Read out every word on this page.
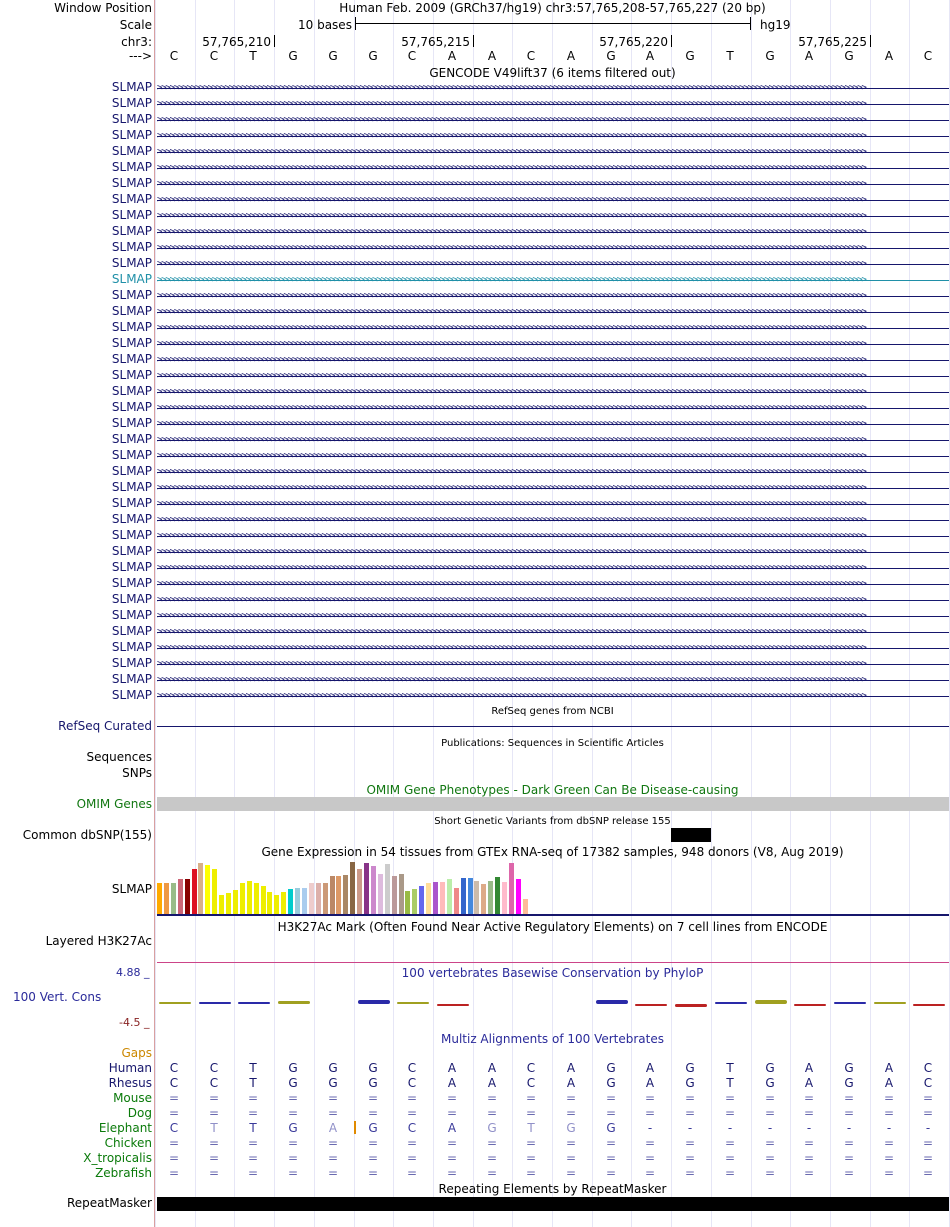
Window Position
Scale
chr3:
--->
Human Feb. 2009 (GRCh37/hg19) chr3:57,765,208-57,765,227 (20 bp)
10 bases	hg19
57,765,210	57,765,215	57,765,220	57,765,225
C	C	T	G	G	G	C	A	A	C	A	G	A	G	T	G	A	G	A	C
GENCODE V49lift37 (6 items filtered out)
SLMAP >>>>>>>>>>>>>>>>>>>>>>>>>>>>>>>>>>>>>>>>>>>>>>>>>>>>>>>>>>>>>>>>>>>>>>>>>>>>>>>>>>>>>>>>>>>>>>>>>>>>>>>>>>>>>>>>>>>>>>>>>>>>>>>>>>>>>>>>>>>>>>>>>>>>>>>>>>>>>>>>>>>>>>>>
SLMAP >>>>>>>>>>>>>>>>>>>>>>>>>>>>>>>>>>>>>>>>>>>>>>>>>>>>>>>>>>>>>>>>>>>>>>>>>>>>>>>>>>>>>>>>>>>>>>>>>>>>>>>>>>>>>>>>>>>>>>>>>>>>>>>>>>>>>>>>>>>>>>>>>>>>>>>>>>>>>>>>>>>>>>>>
SLMAP >>>>>>>>>>>>>>>>>>>>>>>>>>>>>>>>>>>>>>>>>>>>>>>>>>>>>>>>>>>>>>>>>>>>>>>>>>>>>>>>>>>>>>>>>>>>>>>>>>>>>>>>>>>>>>>>>>>>>>>>>>>>>>>>>>>>>>>>>>>>>>>>>>>>>>>>>>>>>>>>>>>>>>>>
SLMAP >>>>>>>>>>>>>>>>>>>>>>>>>>>>>>>>>>>>>>>>>>>>>>>>>>>>>>>>>>>>>>>>>>>>>>>>>>>>>>>>>>>>>>>>>>>>>>>>>>>>>>>>>>>>>>>>>>>>>>>>>>>>>>>>>>>>>>>>>>>>>>>>>>>>>>>>>>>>>>>>>>>>>>>>
SLMAP >>>>>>>>>>>>>>>>>>>>>>>>>>>>>>>>>>>>>>>>>>>>>>>>>>>>>>>>>>>>>>>>>>>>>>>>>>>>>>>>>>>>>>>>>>>>>>>>>>>>>>>>>>>>>>>>>>>>>>>>>>>>>>>>>>>>>>>>>>>>>>>>>>>>>>>>>>>>>>>>>>>>>>>>
SLMAP >>>>>>>>>>>>>>>>>>>>>>>>>>>>>>>>>>>>>>>>>>>>>>>>>>>>>>>>>>>>>>>>>>>>>>>>>>>>>>>>>>>>>>>>>>>>>>>>>>>>>>>>>>>>>>>>>>>>>>>>>>>>>>>>>>>>>>>>>>>>>>>>>>>>>>>>>>>>>>>>>>>>>>>>
SLMAP >>>>>>>>>>>>>>>>>>>>>>>>>>>>>>>>>>>>>>>>>>>>>>>>>>>>>>>>>>>>>>>>>>>>>>>>>>>>>>>>>>>>>>>>>>>>>>>>>>>>>>>>>>>>>>>>>>>>>>>>>>>>>>>>>>>>>>>>>>>>>>>>>>>>>>>>>>>>>>>>>>>>>>>>
SLMAP >>>>>>>>>>>>>>>>>>>>>>>>>>>>>>>>>>>>>>>>>>>>>>>>>>>>>>>>>>>>>>>>>>>>>>>>>>>>>>>>>>>>>>>>>>>>>>>>>>>>>>>>>>>>>>>>>>>>>>>>>>>>>>>>>>>>>>>>>>>>>>>>>>>>>>>>>>>>>>>>>>>>>>>>
SLMAP >>>>>>>>>>>>>>>>>>>>>>>>>>>>>>>>>>>>>>>>>>>>>>>>>>>>>>>>>>>>>>>>>>>>>>>>>>>>>>>>>>>>>>>>>>>>>>>>>>>>>>>>>>>>>>>>>>>>>>>>>>>>>>>>>>>>>>>>>>>>>>>>>>>>>>>>>>>>>>>>>>>>>>>>
SLMAP >>>>>>>>>>>>>>>>>>>>>>>>>>>>>>>>>>>>>>>>>>>>>>>>>>>>>>>>>>>>>>>>>>>>>>>>>>>>>>>>>>>>>>>>>>>>>>>>>>>>>>>>>>>>>>>>>>>>>>>>>>>>>>>>>>>>>>>>>>>>>>>>>>>>>>>>>>>>>>>>>>>>>>>>
SLMAP >>>>>>>>>>>>>>>>>>>>>>>>>>>>>>>>>>>>>>>>>>>>>>>>>>>>>>>>>>>>>>>>>>>>>>>>>>>>>>>>>>>>>>>>>>>>>>>>>>>>>>>>>>>>>>>>>>>>>>>>>>>>>>>>>>>>>>>>>>>>>>>>>>>>>>>>>>>>>>>>>>>>>>>>
SLMAP >>>>>>>>>>>>>>>>>>>>>>>>>>>>>>>>>>>>>>>>>>>>>>>>>>>>>>>>>>>>>>>>>>>>>>>>>>>>>>>>>>>>>>>>>>>>>>>>>>>>>>>>>>>>>>>>>>>>>>>>>>>>>>>>>>>>>>>>>>>>>>>>>>>>>>>>>>>>>>>>>>>>>>>>
SLMAP >>>>>>>>>>>>>>>>>>>>>>>>>>>>>>>>>>>>>>>>>>>>>>>>>>>>>>>>>>>>>>>>>>>>>>>>>>>>>>>>>>>>>>>>>>>>>>>>>>>>>>>>>>>>>>>>>>>>>>>>>>>>>>>>>>>>>>>>>>>>>>>>>>>>>>>>>>>>>>>>>>>>>>>>
SLMAP >>>>>>>>>>>>>>>>>>>>>>>>>>>>>>>>>>>>>>>>>>>>>>>>>>>>>>>>>>>>>>>>>>>>>>>>>>>>>>>>>>>>>>>>>>>>>>>>>>>>>>>>>>>>>>>>>>>>>>>>>>>>>>>>>>>>>>>>>>>>>>>>>>>>>>>>>>>>>>>>>>>>>>>>
SLMAP >>>>>>>>>>>>>>>>>>>>>>>>>>>>>>>>>>>>>>>>>>>>>>>>>>>>>>>>>>>>>>>>>>>>>>>>>>>>>>>>>>>>>>>>>>>>>>>>>>>>>>>>>>>>>>>>>>>>>>>>>>>>>>>>>>>>>>>>>>>>>>>>>>>>>>>>>>>>>>>>>>>>>>>>
SLMAP >>>>>>>>>>>>>>>>>>>>>>>>>>>>>>>>>>>>>>>>>>>>>>>>>>>>>>>>>>>>>>>>>>>>>>>>>>>>>>>>>>>>>>>>>>>>>>>>>>>>>>>>>>>>>>>>>>>>>>>>>>>>>>>>>>>>>>>>>>>>>>>>>>>>>>>>>>>>>>>>>>>>>>>>
SLMAP >>>>>>>>>>>>>>>>>>>>>>>>>>>>>>>>>>>>>>>>>>>>>>>>>>>>>>>>>>>>>>>>>>>>>>>>>>>>>>>>>>>>>>>>>>>>>>>>>>>>>>>>>>>>>>>>>>>>>>>>>>>>>>>>>>>>>>>>>>>>>>>>>>>>>>>>>>>>>>>>>>>>>>>>
SLMAP >>>>>>>>>>>>>>>>>>>>>>>>>>>>>>>>>>>>>>>>>>>>>>>>>>>>>>>>>>>>>>>>>>>>>>>>>>>>>>>>>>>>>>>>>>>>>>>>>>>>>>>>>>>>>>>>>>>>>>>>>>>>>>>>>>>>>>>>>>>>>>>>>>>>>>>>>>>>>>>>>>>>>>>>
SLMAP >>>>>>>>>>>>>>>>>>>>>>>>>>>>>>>>>>>>>>>>>>>>>>>>>>>>>>>>>>>>>>>>>>>>>>>>>>>>>>>>>>>>>>>>>>>>>>>>>>>>>>>>>>>>>>>>>>>>>>>>>>>>>>>>>>>>>>>>>>>>>>>>>>>>>>>>>>>>>>>>>>>>>>>>
SLMAP >>>>>>>>>>>>>>>>>>>>>>>>>>>>>>>>>>>>>>>>>>>>>>>>>>>>>>>>>>>>>>>>>>>>>>>>>>>>>>>>>>>>>>>>>>>>>>>>>>>>>>>>>>>>>>>>>>>>>>>>>>>>>>>>>>>>>>>>>>>>>>>>>>>>>>>>>>>>>>>>>>>>>>>>
SLMAP >>>>>>>>>>>>>>>>>>>>>>>>>>>>>>>>>>>>>>>>>>>>>>>>>>>>>>>>>>>>>>>>>>>>>>>>>>>>>>>>>>>>>>>>>>>>>>>>>>>>>>>>>>>>>>>>>>>>>>>>>>>>>>>>>>>>>>>>>>>>>>>>>>>>>>>>>>>>>>>>>>>>>>>>
SLMAP >>>>>>>>>>>>>>>>>>>>>>>>>>>>>>>>>>>>>>>>>>>>>>>>>>>>>>>>>>>>>>>>>>>>>>>>>>>>>>>>>>>>>>>>>>>>>>>>>>>>>>>>>>>>>>>>>>>>>>>>>>>>>>>>>>>>>>>>>>>>>>>>>>>>>>>>>>>>>>>>>>>>>>>>
SLMAP >>>>>>>>>>>>>>>>>>>>>>>>>>>>>>>>>>>>>>>>>>>>>>>>>>>>>>>>>>>>>>>>>>>>>>>>>>>>>>>>>>>>>>>>>>>>>>>>>>>>>>>>>>>>>>>>>>>>>>>>>>>>>>>>>>>>>>>>>>>>>>>>>>>>>>>>>>>>>>>>>>>>>>>>
SLMAP >>>>>>>>>>>>>>>>>>>>>>>>>>>>>>>>>>>>>>>>>>>>>>>>>>>>>>>>>>>>>>>>>>>>>>>>>>>>>>>>>>>>>>>>>>>>>>>>>>>>>>>>>>>>>>>>>>>>>>>>>>>>>>>>>>>>>>>>>>>>>>>>>>>>>>>>>>>>>>>>>>>>>>>>
SLMAP >>>>>>>>>>>>>>>>>>>>>>>>>>>>>>>>>>>>>>>>>>>>>>>>>>>>>>>>>>>>>>>>>>>>>>>>>>>>>>>>>>>>>>>>>>>>>>>>>>>>>>>>>>>>>>>>>>>>>>>>>>>>>>>>>>>>>>>>>>>>>>>>>>>>>>>>>>>>>>>>>>>>>>>>
SLMAP >>>>>>>>>>>>>>>>>>>>>>>>>>>>>>>>>>>>>>>>>>>>>>>>>>>>>>>>>>>>>>>>>>>>>>>>>>>>>>>>>>>>>>>>>>>>>>>>>>>>>>>>>>>>>>>>>>>>>>>>>>>>>>>>>>>>>>>>>>>>>>>>>>>>>>>>>>>>>>>>>>>>>>>>
SLMAP >>>>>>>>>>>>>>>>>>>>>>>>>>>>>>>>>>>>>>>>>>>>>>>>>>>>>>>>>>>>>>>>>>>>>>>>>>>>>>>>>>>>>>>>>>>>>>>>>>>>>>>>>>>>>>>>>>>>>>>>>>>>>>>>>>>>>>>>>>>>>>>>>>>>>>>>>>>>>>>>>>>>>>>>
SLMAP >>>>>>>>>>>>>>>>>>>>>>>>>>>>>>>>>>>>>>>>>>>>>>>>>>>>>>>>>>>>>>>>>>>>>>>>>>>>>>>>>>>>>>>>>>>>>>>>>>>>>>>>>>>>>>>>>>>>>>>>>>>>>>>>>>>>>>>>>>>>>>>>>>>>>>>>>>>>>>>>>>>>>>>>
SLMAP >>>>>>>>>>>>>>>>>>>>>>>>>>>>>>>>>>>>>>>>>>>>>>>>>>>>>>>>>>>>>>>>>>>>>>>>>>>>>>>>>>>>>>>>>>>>>>>>>>>>>>>>>>>>>>>>>>>>>>>>>>>>>>>>>>>>>>>>>>>>>>>>>>>>>>>>>>>>>>>>>>>>>>>>
SLMAP >>>>>>>>>>>>>>>>>>>>>>>>>>>>>>>>>>>>>>>>>>>>>>>>>>>>>>>>>>>>>>>>>>>>>>>>>>>>>>>>>>>>>>>>>>>>>>>>>>>>>>>>>>>>>>>>>>>>>>>>>>>>>>>>>>>>>>>>>>>>>>>>>>>>>>>>>>>>>>>>>>>>>>>>
SLMAP >>>>>>>>>>>>>>>>>>>>>>>>>>>>>>>>>>>>>>>>>>>>>>>>>>>>>>>>>>>>>>>>>>>>>>>>>>>>>>>>>>>>>>>>>>>>>>>>>>>>>>>>>>>>>>>>>>>>>>>>>>>>>>>>>>>>>>>>>>>>>>>>>>>>>>>>>>>>>>>>>>>>>>>>
SLMAP >>>>>>>>>>>>>>>>>>>>>>>>>>>>>>>>>>>>>>>>>>>>>>>>>>>>>>>>>>>>>>>>>>>>>>>>>>>>>>>>>>>>>>>>>>>>>>>>>>>>>>>>>>>>>>>>>>>>>>>>>>>>>>>>>>>>>>>>>>>>>>>>>>>>>>>>>>>>>>>>>>>>>>>>
SLMAP >>>>>>>>>>>>>>>>>>>>>>>>>>>>>>>>>>>>>>>>>>>>>>>>>>>>>>>>>>>>>>>>>>>>>>>>>>>>>>>>>>>>>>>>>>>>>>>>>>>>>>>>>>>>>>>>>>>>>>>>>>>>>>>>>>>>>>>>>>>>>>>>>>>>>>>>>>>>>>>>>>>>>>>>
SLMAP >>>>>>>>>>>>>>>>>>>>>>>>>>>>>>>>>>>>>>>>>>>>>>>>>>>>>>>>>>>>>>>>>>>>>>>>>>>>>>>>>>>>>>>>>>>>>>>>>>>>>>>>>>>>>>>>>>>>>>>>>>>>>>>>>>>>>>>>>>>>>>>>>>>>>>>>>>>>>>>>>>>>>>>>
SLMAP >>>>>>>>>>>>>>>>>>>>>>>>>>>>>>>>>>>>>>>>>>>>>>>>>>>>>>>>>>>>>>>>>>>>>>>>>>>>>>>>>>>>>>>>>>>>>>>>>>>>>>>>>>>>>>>>>>>>>>>>>>>>>>>>>>>>>>>>>>>>>>>>>>>>>>>>>>>>>>>>>>>>>>>>
SLMAP >>>>>>>>>>>>>>>>>>>>>>>>>>>>>>>>>>>>>>>>>>>>>>>>>>>>>>>>>>>>>>>>>>>>>>>>>>>>>>>>>>>>>>>>>>>>>>>>>>>>>>>>>>>>>>>>>>>>>>>>>>>>>>>>>>>>>>>>>>>>>>>>>>>>>>>>>>>>>>>>>>>>>>>>
SLMAP >>>>>>>>>>>>>>>>>>>>>>>>>>>>>>>>>>>>>>>>>>>>>>>>>>>>>>>>>>>>>>>>>>>>>>>>>>>>>>>>>>>>>>>>>>>>>>>>>>>>>>>>>>>>>>>>>>>>>>>>>>>>>>>>>>>>>>>>>>>>>>>>>>>>>>>>>>>>>>>>>>>>>>>>
SLMAP >>>>>>>>>>>>>>>>>>>>>>>>>>>>>>>>>>>>>>>>>>>>>>>>>>>>>>>>>>>>>>>>>>>>>>>>>>>>>>>>>>>>>>>>>>>>>>>>>>>>>>>>>>>>>>>>>>>>>>>>>>>>>>>>>>>>>>>>>>>>>>>>>>>>>>>>>>>>>>>>>>>>>>>>
SLMAP >>>>>>>>>>>>>>>>>>>>>>>>>>>>>>>>>>>>>>>>>>>>>>>>>>>>>>>>>>>>>>>>>>>>>>>>>>>>>>>>>>>>>>>>>>>>>>>>>>>>>>>>>>>>>>>>>>>>>>>>>>>>>>>>>>>>>>>>>>>>>>>>>>>>>>>>>>>>>>>>>>>>>>>>
RefSeq genes from NCBI
RefSeq Curated
Publications: Sequences in Scientific Articles
Sequences
SNPs
OMIM Gene Phenotypes - Dark Green Can Be Disease-causing
OMIM Genes
Short Genetic Variants from dbSNP release 155
Common dbSNP(155)
Gene Expression in 54 tissues from GTEx RNA-seq of 17382 samples, 948 donors (V8, Aug 2019)
SLMAP
H3K27Ac Mark (Often Found Near Active Regulatory Elements) on 7 cell lines from ENCODE
Layered H3K27Ac
100 vertebrates Basewise Conservation by PhyloP
4.88 _
100 Vert. Cons
-4.5 _
Multiz Alignments of 100 Vertebrates
Gaps
Human	C	C	T	G	G	G	C	A	A	C	A	G	A	G	T	G	A	G	A	C
Rhesus	C	C	T	G	G	G	C	A	A	C	A	G	A	G	T	G	A	G	A	C
Mouse	=	=	=	=	=	=	=	=	=	=	=	=	=	=	=	=	=	=	=	=
Dog	=	=	=	=	=	=	=	=	=	=	=	=	=	=	=	=	=	=	=	=
Elephant	C	T	T	G	A	G	C	A	G	T	G	G	-	-	-	-	-	-	-	-
Chicken	=	=	=	=	=	=	=	=	=	=	=	=	=	=	=	=	=	=	=	=
X_tropicalis	=	=	=	=	=	=	=	=	=	=	=	=	=	=	=	=	=	=	=	=
Zebrafish	=	=	=	=	=	=	=	=	=	=	=	=	=	=	=	=	=	=	=	=
Repeating Elements by RepeatMasker
RepeatMasker
